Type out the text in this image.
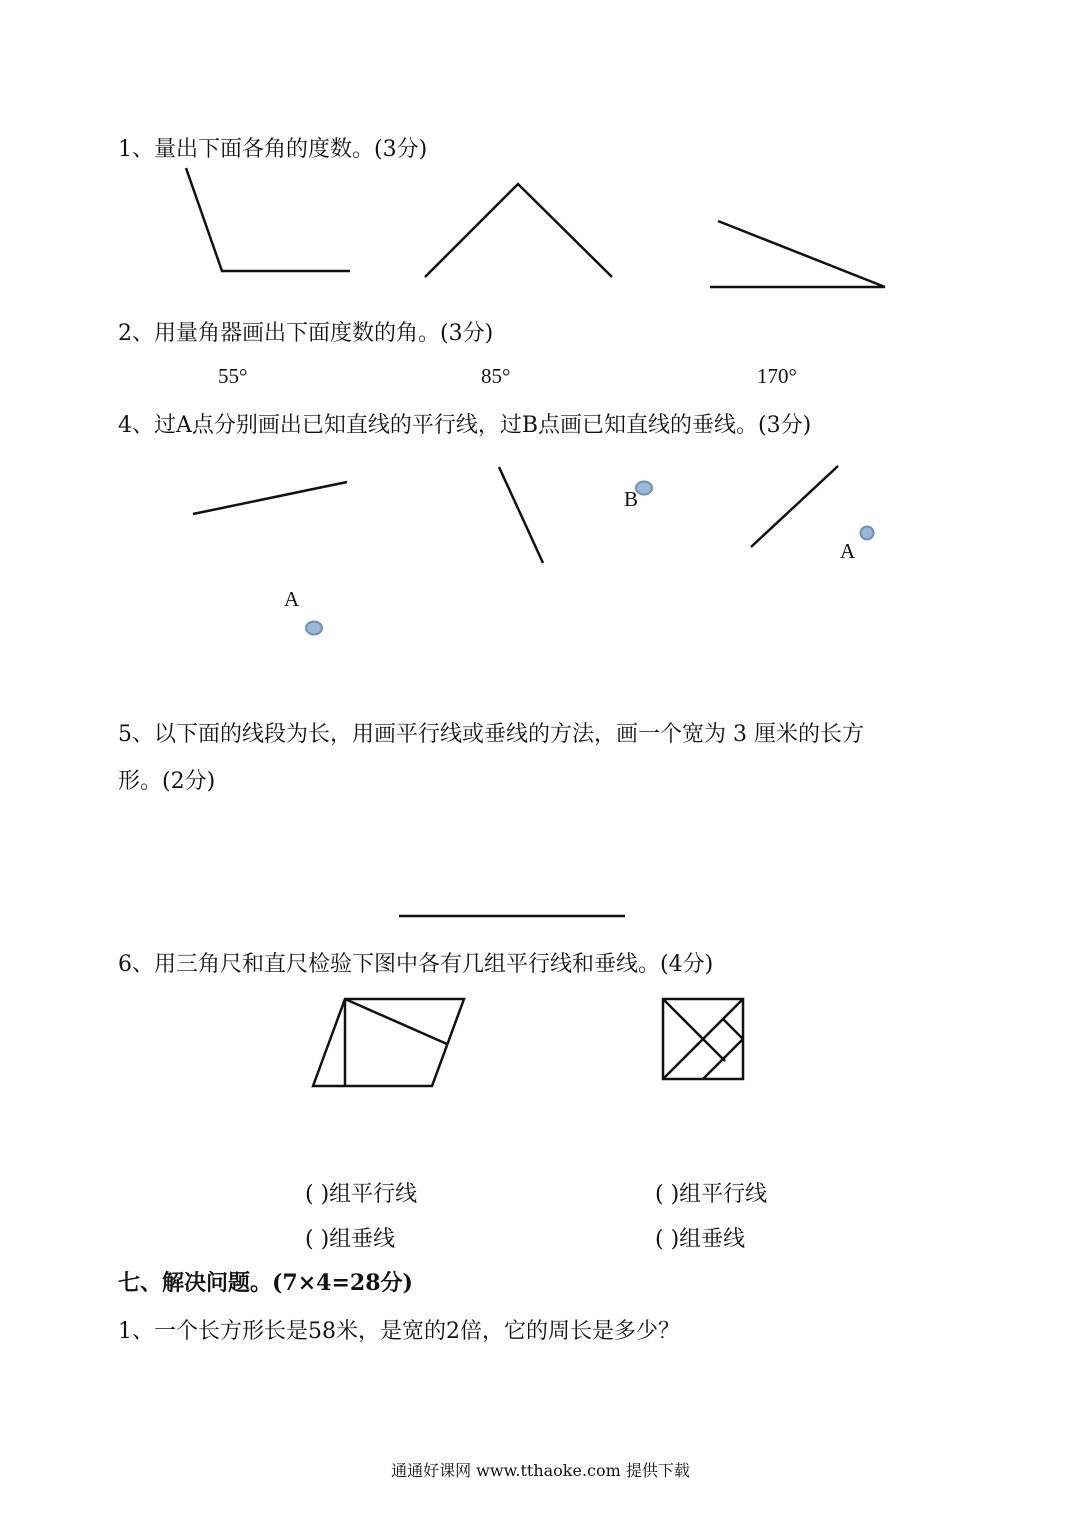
1、量出下面各角的度数。(3分)
A
B
A
2、用量角器画出下面度数的角。(3分)
55°	85°	170°
4、过A点分别画出已知直线的平行线，过B点画已知直线的垂线。(3分)
5、以下面的线段为长，用画平行线或垂线的方法，画一个宽为 3 厘米的长方
形。(2分)
6、用三角尺和直尺检验下图中各有几组平行线和垂线。(4分)
( )组平行线	( )组平行线
( )组垂线	( )组垂线
七、解决问题。(7×4=28分)
1、一个长方形长是58米，是宽的2倍，它的周长是多少？
通通好课网 www.tthaoke.com 提供下载
